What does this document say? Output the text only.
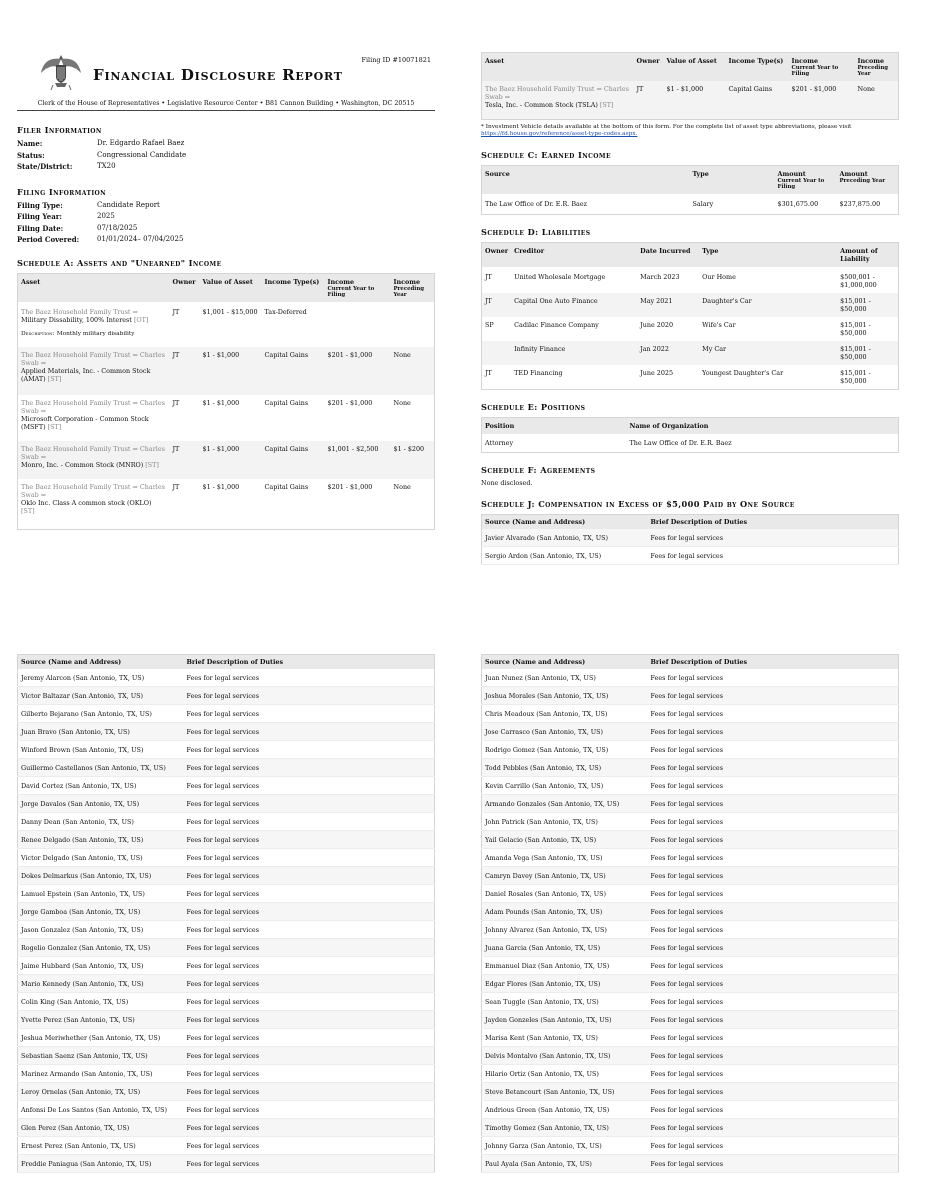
Filing ID #10071821
Financial Disclosure Report
Clerk of the House of Representatives • Legislative Resource Center • B81 Cannon Building • Washington, DC 20515
Filer Information
Name:	Dr. Edgardo Rafael Baez
Status:	Congressional Candidate
State/District:	TX20
Filing Information
Filing Type:	Candidate Report
Filing Year:	2025
Filing Date:	07/18/2025
Period Covered:	01/01/2024– 07/04/2025
Schedule A: Assets and "Unearned" Income
Asset	Owner	Value of Asset	Income Type(s)	Income
Current Year to Filing	Income
Preceding Year

The Baez Household Family Trust ⇒
Military Dissability, 100% Interest [OT]
Description: Monthly military disability	JT	$1,001 - $15,000	Tax-Deferred		

The Baez Household Family Trust ⇒ Charles Swab ⇒
Applied Materials, Inc. - Common Stock (AMAT) [ST]	JT	$1 - $1,000	Capital Gains	$201 - $1,000	None

The Baez Household Family Trust ⇒ Charles Swab ⇒
Microsoft Corporation - Common Stock (MSFT) [ST]	JT	$1 - $1,000	Capital Gains	$201 - $1,000	None

The Baez Household Family Trust ⇒ Charles Swab ⇒
Monro, Inc. - Common Stock (MNRO) [ST]	JT	$1 - $1,000	Capital Gains	$1,001 - $2,500	$1 - $200

The Baez Household Family Trust ⇒ Charles Swab ⇒
Oklo Inc. Class A common stock (OKLO) [ST]	JT	$1 - $1,000	Capital Gains	$201 - $1,000	None
Asset	Owner	Value of Asset	Income Type(s)	Income
Current Year to Filing	Income
Preceding Year

The Baez Household Family Trust ⇒ Charles Swab ⇒
Tesla, Inc. - Common Stock (TSLA) [ST]	JT	$1 - $1,000	Capital Gains	$201 - $1,000	None
* Investment Vehicle details available at the bottom of this form. For the complete list of asset type abbreviations, please visit
https://fd.house.gov/reference/asset-type-codes.aspx.
Schedule C: Earned Income
Source	Type	Amount
Current Year to Filing	Amount
Preceding Year

The Law Office of Dr. E.R. Baez	Salary	$301,675.00	$237,875.00
Schedule D: Liabilities
Owner	Creditor	Date Incurred	Type	Amount of Liability
JT	United Wholesale Mortgage	March 2023	Our Home	$500,001 - $1,000,000
JT	Capital One Auto Finance	May 2021	Daughter's Car	$15,001 - $50,000
SP	Cadilac Finance Company	June 2020	Wife's Car	$15,001 - $50,000
	Infinity Finance	Jan 2022	My Car	$15,001 - $50,000
JT	TED Financing	June 2025	Youngest Daughter's Car	$15,001 - $50,000
Schedule E: Positions
Position	Name of Organization
Attorney	The Law Office of Dr. E.R. Baez
Schedule F: Agreements
None disclosed.
Schedule J: Compensation in Excess of $5,000 Paid by One Source
Source (Name and Address)	Brief Description of Duties
Javier Alvarado (San Antonio, TX, US)	Fees for legal services
Sergio Ardon (San Antonio, TX, US)	Fees for legal services
Source (Name and Address)	Brief Description of Duties
Jeremy Alarcon (San Antonio, TX, US)	Fees for legal services
Victor Baltazar (San Antonio, TX, US)	Fees for legal services
Gilberto Bejarano (San Antonio, TX, US)	Fees for legal services
Juan Bravo (San Antonio, TX, US)	Fees for legal services
Winford Brown (San Antonio, TX, US)	Fees for legal services
Guillermo Castellanos (San Antonio, TX, US)	Fees for legal services
David Cortez (San Antonio, TX, US)	Fees for legal services
Jorge Davalos (San Antonio, TX, US)	Fees for legal services
Danny Dean (San Antonio, TX, US)	Fees for legal services
Renee Delgado (San Antonio, TX, US)	Fees for legal services
Victor Delgado (San Antonio, TX, US)	Fees for legal services
Dokes Delmarkus (San Antonio, TX, US)	Fees for legal services
Lamuel Epstein (San Antonio, TX, US)	Fees for legal services
Jorge Gamboa (San Antonio, TX, US)	Fees for legal services
Jason Gonzalez (San Antonio, TX, US)	Fees for legal services
Rogelio Gonzalez (San Antonio, TX, US)	Fees for legal services
Jaime Hubbard (San Antonio, TX, US)	Fees for legal services
Mario Kennedy (San Antonio, TX, US)	Fees for legal services
Colin King (San Antonio, TX, US)	Fees for legal services
Yvette Perez (San Antonio, TX, US)	Fees for legal services
Jeshua Meriwhether (San Antonio, TX, US)	Fees for legal services
Sebastian Saenz (San Antonio, TX, US)	Fees for legal services
Marinez Armando (San Antonio, TX, US)	Fees for legal services
Leroy Ornelas (San Antonio, TX, US)	Fees for legal services
Anfonsi De Los Santos (San Antonio, TX, US)	Fees for legal services
Glen Perez (San Antonio, TX, US)	Fees for legal services
Ernest Perez (San Antonio, TX, US)	Fees for legal services
Freddie Paniagua (San Antonio, TX, US)	Fees for legal services
Source (Name and Address)	Brief Description of Duties
Juan Nunez (San Antonio, TX, US)	Fees for legal services
Joshua Morales (San Antonio, TX, US)	Fees for legal services
Chris Meadoux (San Antonio, TX, US)	Fees for legal services
Jose Carrasco (San Antonio, TX, US)	Fees for legal services
Rodrigo Gomez (San Antonio, TX, US)	Fees for legal services
Todd Pebbles (San Antonio, TX, US)	Fees for legal services
Kevin Carrillo (San Antonio, TX, US)	Fees for legal services
Armando Gonzales (San Antonio, TX, US)	Fees for legal services
John Patrick (San Antonio, TX, US)	Fees for legal services
Yail Gelacio (San Antonio, TX, US)	Fees for legal services
Amanda Vega (San Antonio, TX, US)	Fees for legal services
Camryn Davey (San Antonio, TX, US)	Fees for legal services
Daniel Rosales (San Antonio, TX, US)	Fees for legal services
Adam Pounds (San Antonio, TX, US)	Fees for legal services
Johnny Alvarez (San Antonio, TX, US)	Fees for legal services
Juana Garcia (San Antonio, TX, US)	Fees for legal services
Emmanuel Diaz (San Antonio, TX, US)	Fees for legal services
Edgar Flores (San Antonio, TX, US)	Fees for legal services
Sean Tuggle (San Antonio, TX, US)	Fees for legal services
Jayden Gonzeles (San Antonio, TX, US)	Fees for legal services
Marisa Kent (San Antonio, TX, US)	Fees for legal services
Delvis Montalvo (San Antonio, TX, US)	Fees for legal services
Hilario Ortiz (San Antonio, TX, US)	Fees for legal services
Steve Betancourt (San Antonio, TX, US)	Fees for legal services
Andrious Green (San Antonio, TX, US)	Fees for legal services
Timothy Gomez (San Antonio, TX, US)	Fees for legal services
Johnny Garza (San Antonio, TX, US)	Fees for legal services
Paul Ayala (San Antonio, TX, US)	Fees for legal services
